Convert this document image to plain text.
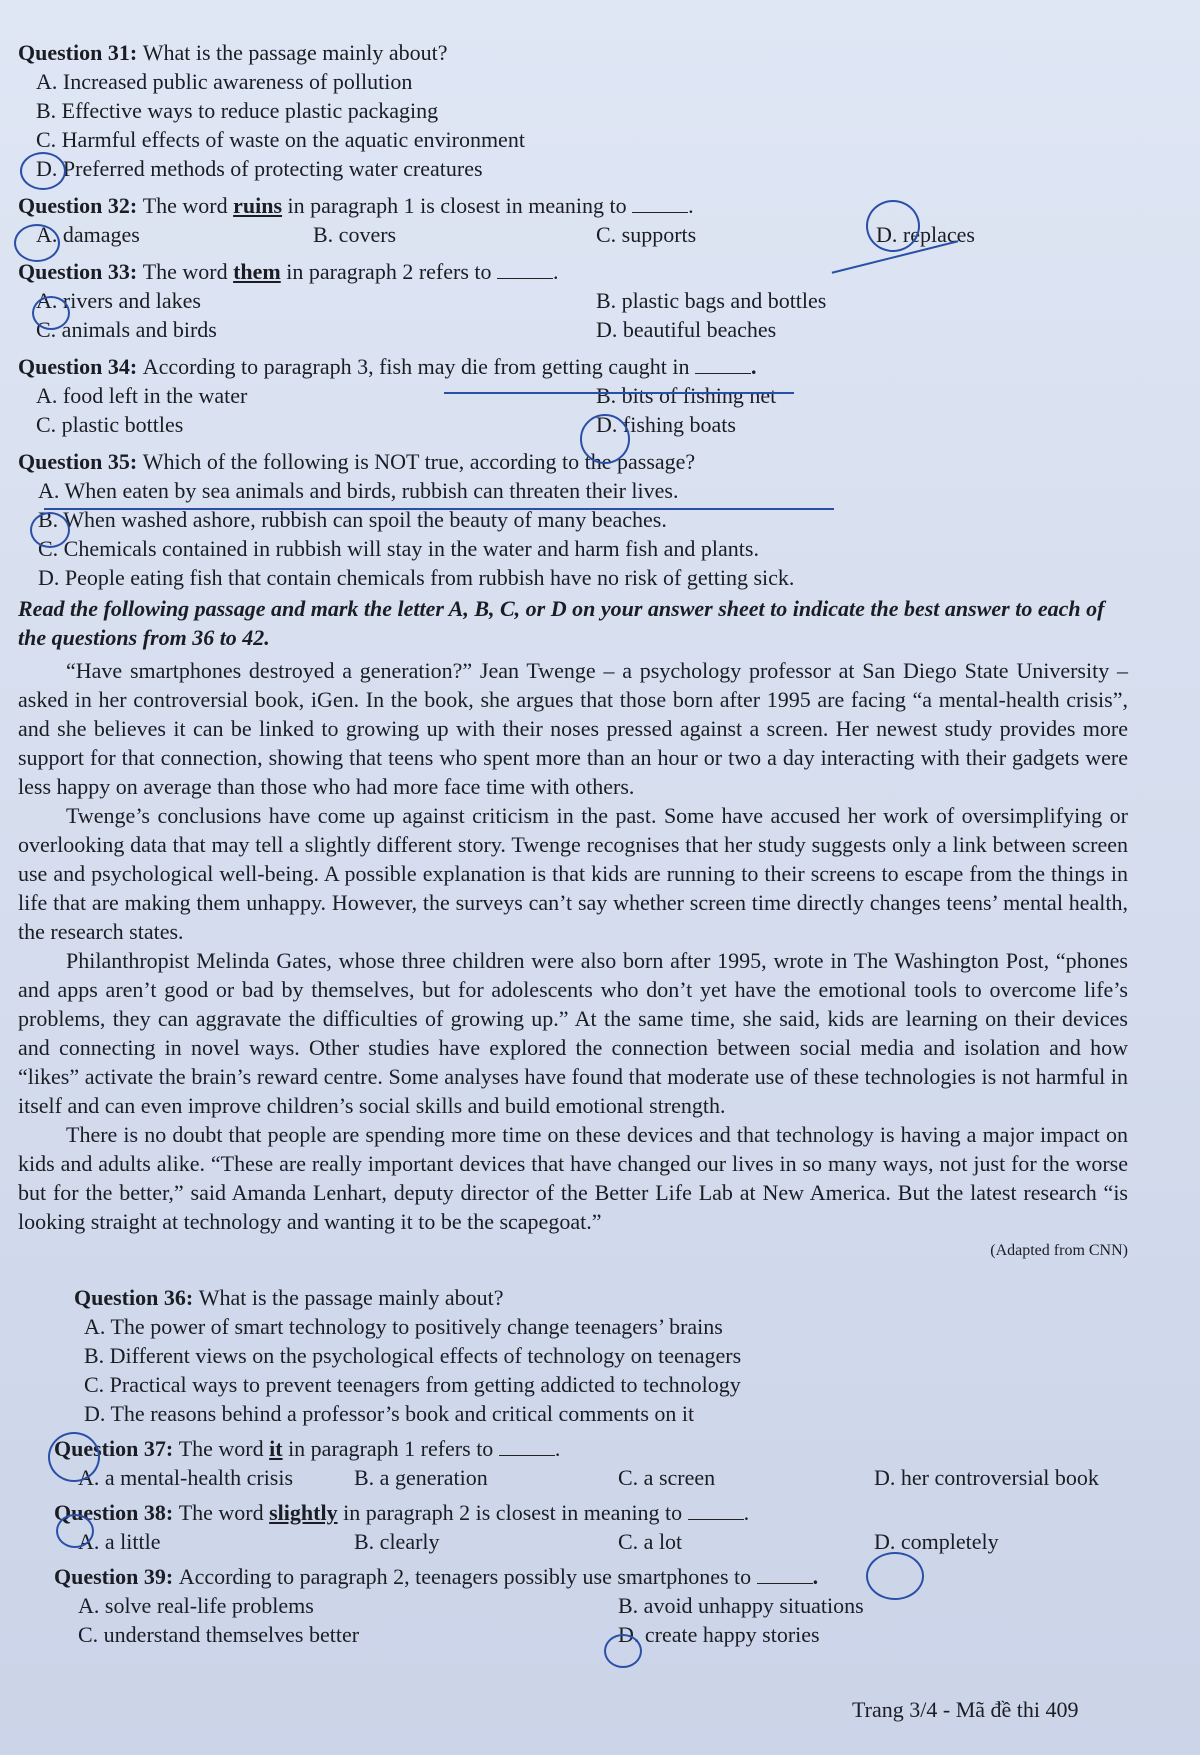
Question 31: What is the passage mainly about?
A. Increased public awareness of pollution
B. Effective ways to reduce plastic packaging
C. Harmful effects of waste on the aquatic environment
D. Preferred methods of protecting water creatures
Question 32: The word ruins in paragraph 1 is closest in meaning to	.
A. damages	B. covers	C. supports	D. replaces
Question 33: The word them in paragraph 2 refers to	.
A. rivers and lakes	B. plastic bags and bottles
C. animals and birds	D. beautiful beaches
Question 34: According to paragraph 3, fish may die from getting caught in	.
A. food left in the water	B. bits of fishing net
C. plastic bottles	D. fishing boats
Question 35: Which of the following is NOT true, according to the passage?
A. When eaten by sea animals and birds, rubbish can threaten their lives.
B. When washed ashore, rubbish can spoil the beauty of many beaches.
C. Chemicals contained in rubbish will stay in the water and harm fish and plants.
D. People eating fish that contain chemicals from rubbish have no risk of getting sick.

Read the following passage and mark the letter A, B, C, or D on your answer sheet to indicate the best answer to each of the questions from 36 to 42.

“Have smartphones destroyed a generation?” Jean Twenge – a psychology professor at San Diego State University – asked in her controversial book, iGen. In the book, she argues that those born after 1995 are facing “a mental-health crisis”, and she believes it can be linked to growing up with their noses pressed against a screen. Her newest study provides more support for that connection, showing that teens who spent more than an hour or two a day interacting with their gadgets were less happy on average than those who had more face time with others.

Twenge’s conclusions have come up against criticism in the past. Some have accused her work of oversimplifying or overlooking data that may tell a slightly different story. Twenge recognises that her study suggests only a link between screen use and psychological well-being. A possible explanation is that kids are running to their screens to escape from the things in life that are making them unhappy. However, the surveys can’t say whether screen time directly changes teens’ mental health, the research states.

Philanthropist Melinda Gates, whose three children were also born after 1995, wrote in The Washington Post, “phones and apps aren’t good or bad by themselves, but for adolescents who don’t yet have the emotional tools to overcome life’s problems, they can aggravate the difficulties of growing up.” At the same time, she said, kids are learning on their devices and connecting in novel ways. Other studies have explored the connection between social media and isolation and how “likes” activate the brain’s reward centre. Some analyses have found that moderate use of these technologies is not harmful in itself and can even improve children’s social skills and build emotional strength.

There is no doubt that people are spending more time on these devices and that technology is having a major impact on kids and adults alike. “These are really important devices that have changed our lives in so many ways, not just for the worse but for the better,” said Amanda Lenhart, deputy director of the Better Life Lab at New America. But the latest research “is looking straight at technology and wanting it to be the scapegoat.”

(Adapted from CNN)

Question 36: What is the passage mainly about?
A. The power of smart technology to positively change teenagers’ brains
B. Different views on the psychological effects of technology on teenagers
C. Practical ways to prevent teenagers from getting addicted to technology
D. The reasons behind a professor’s book and critical comments on it
Question 37: The word it in paragraph 1 refers to	.
A. a mental-health crisis	B. a generation	C. a screen	D. her controversial book
Question 38: The word slightly in paragraph 2 is closest in meaning to	.
A. a little	B. clearly	C. a lot	D. completely
Question 39: According to paragraph 2, teenagers possibly use smartphones to	.
A. solve real-life problems	B. avoid unhappy situations
C. understand themselves better	D. create happy stories
Trang 3/4 - Mã đề thi 409
